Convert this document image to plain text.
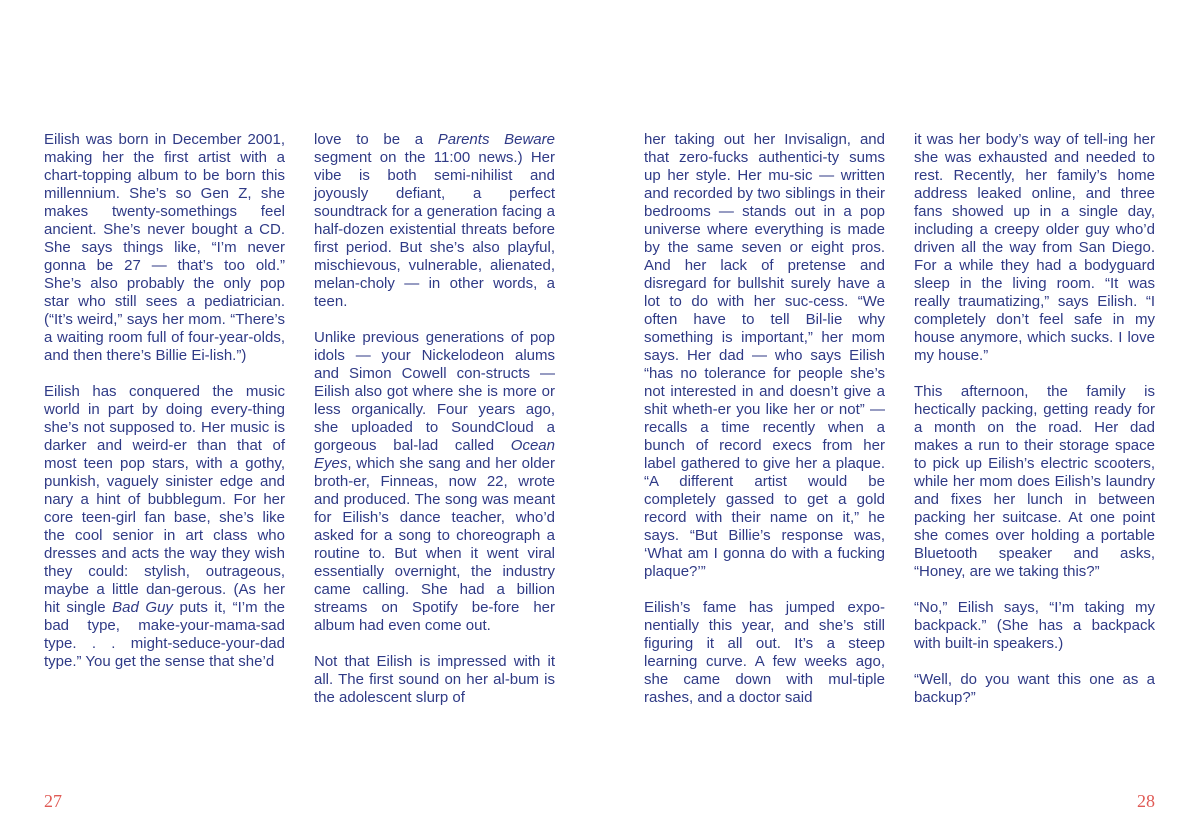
Eilish was born in December 2001, making her the first artist with a chart-topping album to be born this millennium. She’s so Gen Z, she makes twenty-somethings feel ancient. She’s never bought a CD. She says things like, “I’m never gonna be 27 — that’s too old.” She’s also probably the only pop star who still sees a pediatrician. (“It’s weird,” says her mom. “There’s a waiting room full of four-year-olds, and then there’s Billie Ei-lish.”)

Eilish has conquered the music world in part by doing every-thing she’s not supposed to. Her music is darker and weird-er than that of most teen pop stars, with a gothy, punkish, vaguely sinister edge and nary a hint of bubblegum. For her core teen-girl fan base, she’s like the cool senior in art class who dresses and acts the way they wish they could: stylish, outrageous, maybe a little dan-gerous. (As her hit single Bad Guy puts it, “I’m the bad type, make-your-mama-sad type. . . might-seduce-your-dad type.” You get the sense that she’d

love to be a Parents Beware segment on the 11:00 news.) Her vibe is both semi-nihilist and joyously defiant, a perfect soundtrack for a generation facing a half-dozen existential threats before first period. But she’s also playful, mischievous, vulnerable, alienated, melan-choly — in other words, a teen.

Unlike previous generations of pop idols — your Nickelodeon alums and Simon Cowell con-structs — Eilish also got where she is more or less organically. Four years ago, she uploaded to SoundCloud a gorgeous bal-lad called Ocean Eyes, which she sang and her older broth-er, Finneas, now 22, wrote and produced. The song was meant for Eilish’s dance teacher, who’d asked for a song to choreograph a routine to. But when it went viral essentially overnight, the industry came calling. She had a billion streams on Spotify be-fore her album had even come out.

Not that Eilish is impressed with it all. The first sound on her al-bum is the adolescent slurp of

her taking out her Invisalign, and that zero-fucks authentici-ty sums up her style. Her mu-sic — written and recorded by two siblings in their bedrooms — stands out in a pop universe where everything is made by the same seven or eight pros. And her lack of pretense and disregard for bullshit surely have a lot to do with her suc-cess. “We often have to tell Bil-lie why something is important,” her mom says. Her dad — who says Eilish “has no tolerance for people she’s not interested in and doesn’t give a shit wheth-er you like her or not” — recalls a time recently when a bunch of record execs from her label gathered to give her a plaque. “A different artist would be completely gassed to get a gold record with their name on it,” he says. “But Billie’s response was, ‘What am I gonna do with a fucking plaque?’”

Eilish’s fame has jumped expo-nentially this year, and she’s still figuring it all out. It’s a steep learning curve. A few weeks ago, she came down with mul-tiple rashes, and a doctor said

it was her body’s way of tell-ing her she was exhausted and needed to rest. Recently, her family’s home address leaked online, and three fans showed up in a single day, including a creepy older guy who’d driven all the way from San Diego. For a while they had a bodyguard sleep in the living room. “It was really traumatizing,” says Eilish. “I completely don’t feel safe in my house anymore, which sucks. I love my house.”

This afternoon, the family is hectically packing, getting ready for a month on the road. Her dad makes a run to their storage space to pick up Eilish’s electric scooters, while her mom does Eilish’s laundry and fixes her lunch in between packing her suitcase. At one point she comes over holding a portable Bluetooth speaker and asks, “Honey, are we taking this?”

“No,” Eilish says, “I’m taking my backpack.” (She has a backpack with built-in speakers.)

“Well, do you want this one as a backup?”

27	28
